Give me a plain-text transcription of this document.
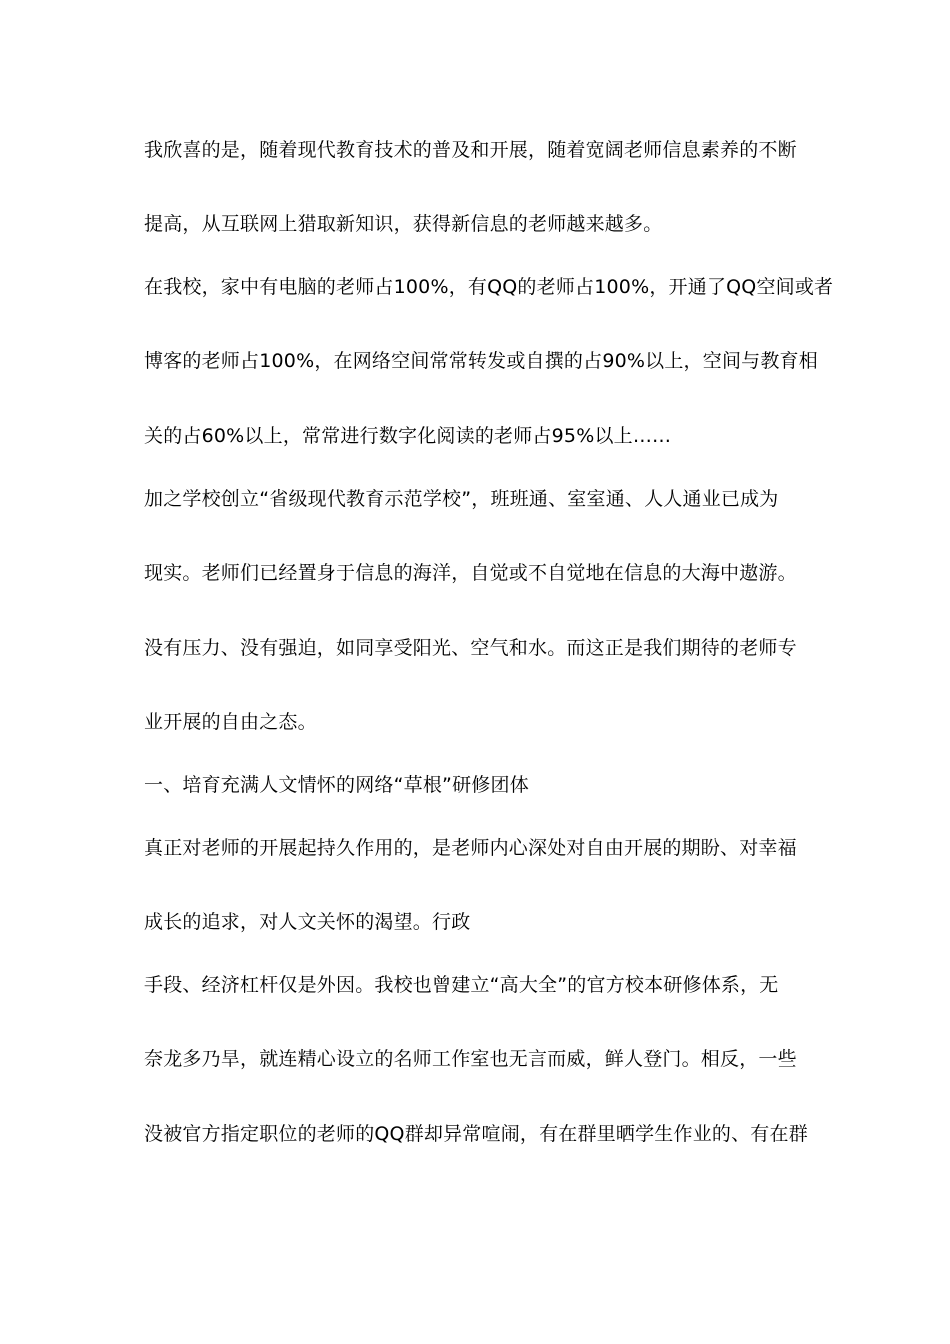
我欣喜的是，随着现代教育技术的普及和开展，随着宽阔老师信息素养的不断
提高，从互联网上猎取新知识，获得新信息的老师越来越多。
在我校，家中有电脑的老师占100%，有QQ的老师占100%，开通了QQ空间或者
博客的老师占100%，在网络空间常常转发或自撰的占90%以上，空间与教育相
关的占60%以上，常常进行数字化阅读的老师占95%以上……
加之学校创立“省级现代教育示范学校”，班班通、室室通、人人通业已成为
现实。老师们已经置身于信息的海洋，自觉或不自觉地在信息的大海中遨游。
没有压力、没有强迫，如同享受阳光、空气和水。而这正是我们期待的老师专
业开展的自由之态。
一、培育充满人文情怀的网络“草根”研修团体
真正对老师的开展起持久作用的，是老师内心深处对自由开展的期盼、对幸福
成长的追求，对人文关怀的渴望。行政
手段、经济杠杆仅是外因。我校也曾建立“高大全”的官方校本研修体系，无
奈龙多乃旱，就连精心设立的名师工作室也无言而威，鲜人登门。相反，一些
没被官方指定职位的老师的QQ群却异常喧闹，有在群里晒学生作业的、有在群
